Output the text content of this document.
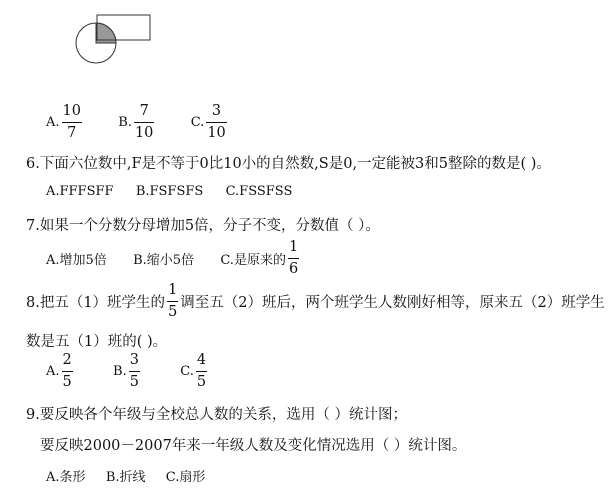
A. $\frac{10}{7}$	B. $\frac{7}{10}$	C. $\frac{3}{10}$
6.下面六位数中,F是不等于0比10小的自然数,S是0,一定能被3和5整除的数是( )。
A.FFFSFF B.FSFSFS C.FSSFSS
7.如果一个分数分母增加5倍，分子不变，分数值（ ）。
A.增加5倍 B.缩小5倍 C.是原来的 $\frac{1}{6}$
8.把五（1）班学生的 $\frac{1}{5}$ 调至五（2）班后，两个班学生人数刚好相等，原来五（2）班学生
数是五（1）班的( )。
A. $\frac{2}{5}$	B. $\frac{3}{5}$	C. $\frac{4}{5}$
9.要反映各个年级与全校总人数的关系，选用（ ）统计图；
要反映2000－2007年来一年级人数及变化情况选用（ ）统计图。
A.条形 B.折线 C.扇形
